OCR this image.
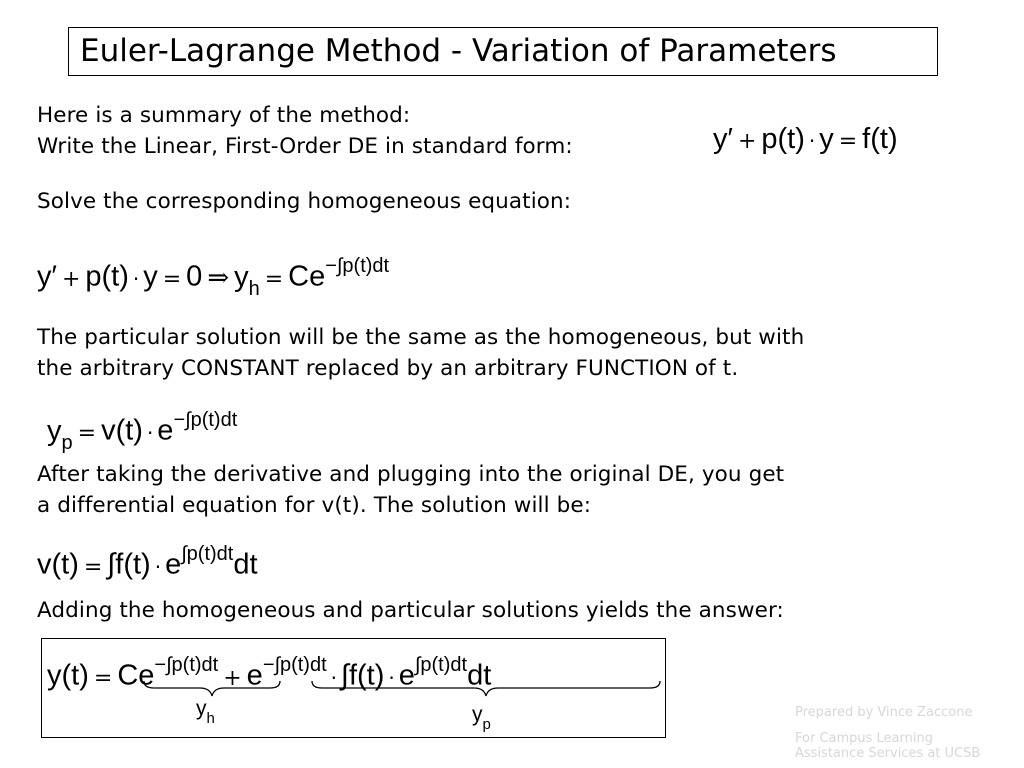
Euler-Lagrange Method - Variation of Parameters
Here is a summary of the method:
Write the Linear, First-Order DE in standard form:	y′ + p(t) · y = f(t)
Solve the corresponding homogeneous equation:
y′ + p(t) · y = 0 ⇒ $y_h = Ce^{-\int p(t)dt}$
The particular solution will be the same as the homogeneous, but with
the arbitrary CONSTANT replaced by an arbitrary FUNCTION of t.
$y_p = v(t) \cdot e^{-\int p(t)dt}$
After taking the derivative and plugging into the original DE, you get
a differential equation for v(t). The solution will be:
$v(t) = \int f(t) \cdot e^{\int p(t)dt}dt$
Adding the homogeneous and particular solutions yields the answer:
$y(t) = Ce^{-\int p(t)dt}+ e^{-\int p(t)dt}\cdot \int f(t) \cdot e^{\int p(t)dt}dt$
$y_h$	$y_p$
Prepared by Vince Zaccone
For Campus Learning
Assistance Services at UCSB
